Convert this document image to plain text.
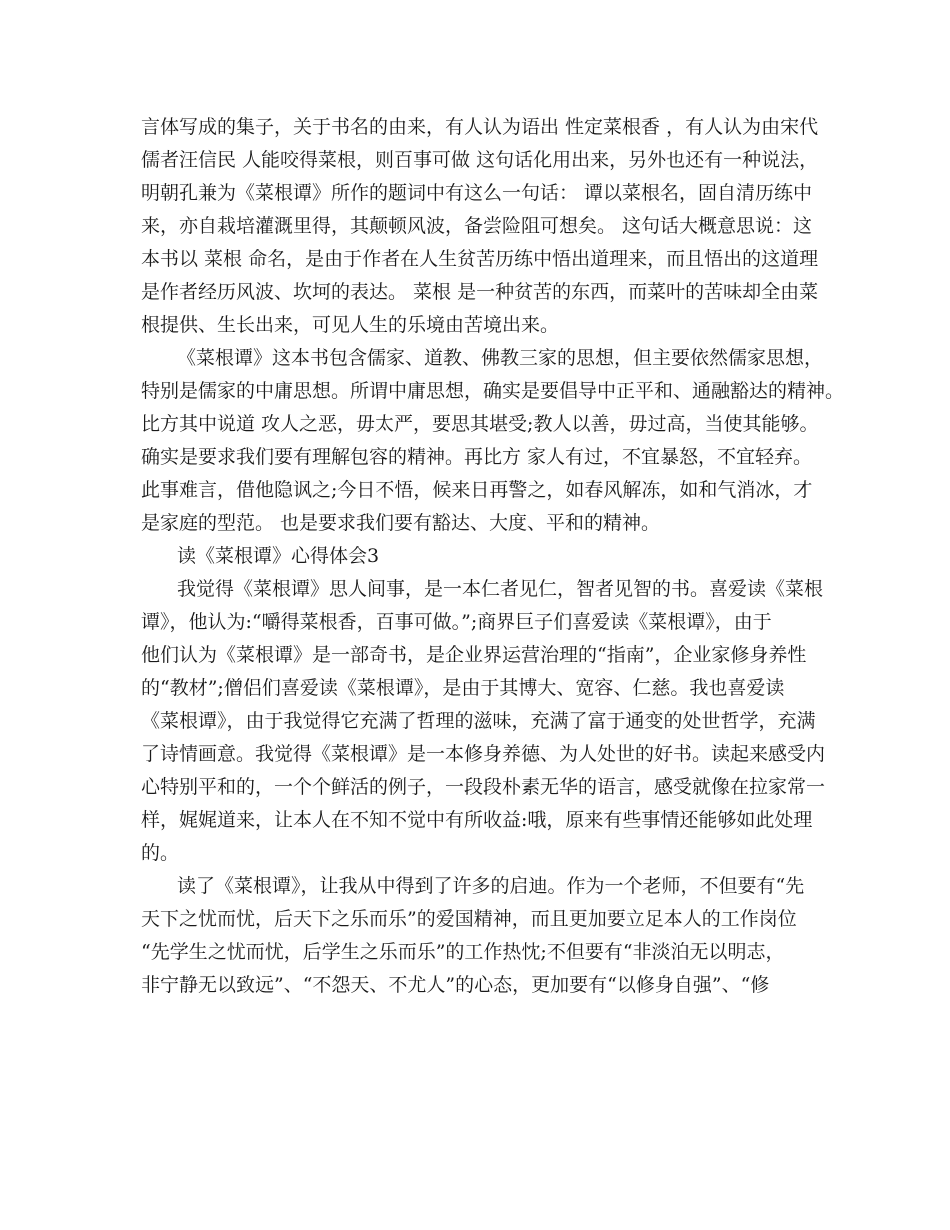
言体写成的集子，关于书名的由来，有人认为语出 性定菜根香 ，有人认为由宋代
儒者汪信民 人能咬得菜根，则百事可做 这句话化用出来，另外也还有一种说法，
明朝孔兼为《菜根谭》所作的题词中有这么一句话： 谭以菜根名，固自清历练中
来，亦自栽培灌溉里得，其颠顿风波，备尝险阻可想矣。 这句话大概意思说：这
本书以 菜根 命名，是由于作者在人生贫苦历练中悟出道理来，而且悟出的这道理
是作者经历风波、坎坷的表达。 菜根 是一种贫苦的东西，而菜叶的苦味却全由菜
根提供、生长出来，可见人生的乐境由苦境出来。
《菜根谭》这本书包含儒家、道教、佛教三家的思想，但主要依然儒家思想，
特别是儒家的中庸思想。所谓中庸思想，确实是要倡导中正平和、通融豁达的精神。
比方其中说道 攻人之恶，毋太严，要思其堪受;教人以善，毋过高，当使其能够。
确实是要求我们要有理解包容的精神。再比方 家人有过，不宜暴怒，不宜轻弃。
此事难言，借他隐讽之;今日不悟，候来日再警之，如春风解冻，如和气消冰，才
是家庭的型范。 也是要求我们要有豁达、大度、平和的精神。
读《菜根谭》心得体会3
我觉得《菜根谭》思人间事，是一本仁者见仁，智者见智的书。喜爱读《菜根
谭》，他认为:“嚼得菜根香，百事可做。”;商界巨子们喜爱读《菜根谭》，由于
他们认为《菜根谭》是一部奇书，是企业界运营治理的“指南”，企业家修身养性
的“教材”;僧侣们喜爱读《菜根谭》，是由于其博大、宽容、仁慈。我也喜爱读
《菜根谭》，由于我觉得它充满了哲理的滋味，充满了富于通变的处世哲学，充满
了诗情画意。我觉得《菜根谭》是一本修身养德、为人处世的好书。读起来感受内
心特别平和的，一个个鲜活的例子，一段段朴素无华的语言，感受就像在拉家常一
样，娓娓道来，让本人在不知不觉中有所收益:哦，原来有些事情还能够如此处理
的。
读了《菜根谭》，让我从中得到了许多的启迪。作为一个老师，不但要有“先
天下之忧而忧，后天下之乐而乐”的爱国精神，而且更加要立足本人的工作岗位
“先学生之忧而忧，后学生之乐而乐”的工作热忱;不但要有“非淡泊无以明志，
非宁静无以致远”、“不怨天、不尤人”的心态，更加要有“以修身自强”、“修
